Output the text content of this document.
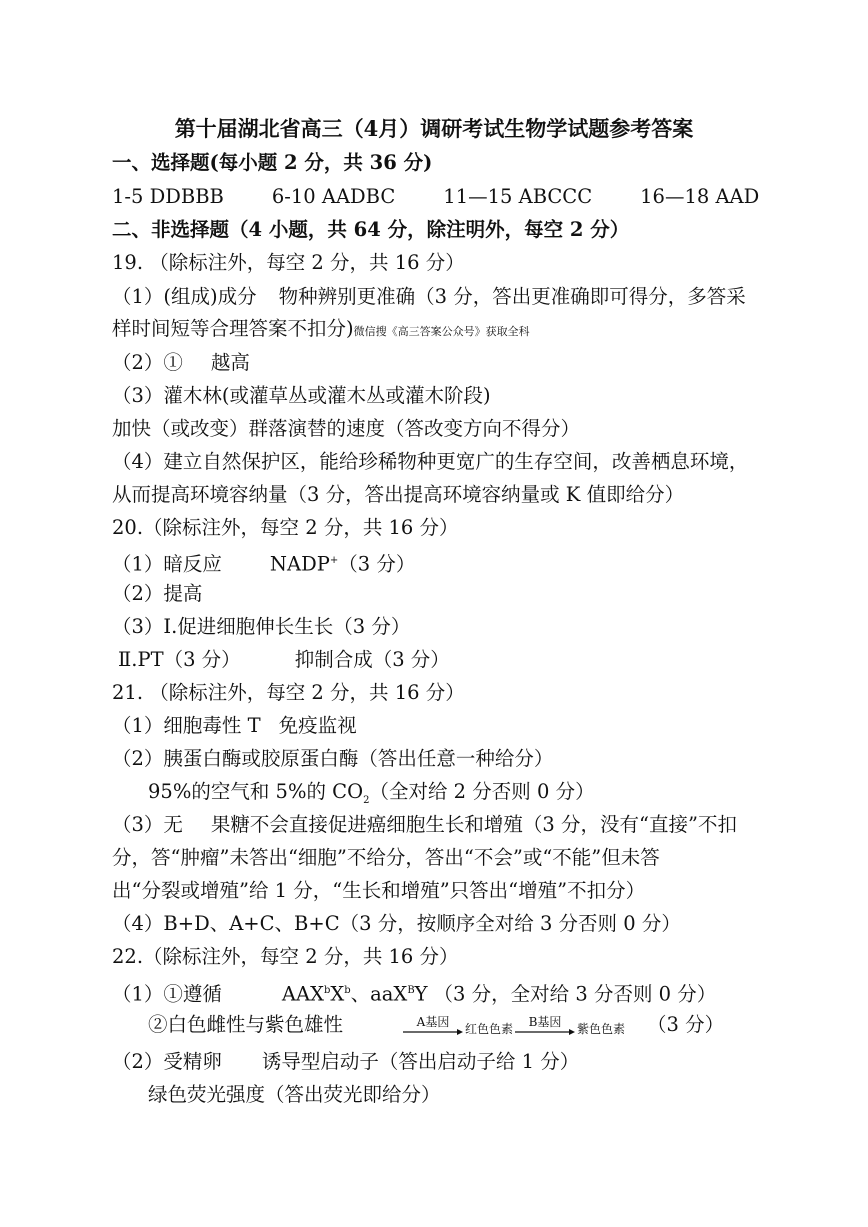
第十届湖北省高三（4月）调研考试生物学试题参考答案
一、选择题(每小题 2 分，共 36 分)
1-5 DDBBB 6-10 AADBC 11—15 ABCCC 16—18 AAD
二、非选择题（4 小题，共 64 分，除注明外，每空 2 分）
19. （除标注外，每空 2 分，共 16 分）
（1）(组成)成分 物种辨别更准确（3 分，答出更准确即可得分，多答采
样时间短等合理答案不扣分)微信搜《高三答案公众号》获取全科
（2）① 越高
（3）灌木林(或灌草丛或灌木丛或灌木阶段)
加快（或改变）群落演替的速度（答改变方向不得分）
（4）建立自然保护区，能给珍稀物种更宽广的生存空间，改善栖息环境，
从而提高环境容纳量（3 分，答出提高环境容纳量或 K 值即给分）
20.（除标注外，每空 2 分，共 16 分）
（1）暗反应 NADP+（3 分）
（2）提高
（3）Ⅰ.促进细胞伸长生长（3 分）
Ⅱ.PT（3 分）	抑制合成（3 分）
21. （除标注外，每空 2 分，共 16 分）
（1）细胞毒性 T 免疫监视
（2）胰蛋白酶或胶原蛋白酶（答出任意一种给分）
95%的空气和 5%的 $CO_2$（全对给 2 分否则 0 分）
（3）无 果糖不会直接促进癌细胞生长和增殖（3 分，没有“直接”不扣
分，答“肿瘤”未答出“细胞”不给分，答出“不会”或“不能”但未答
出“分裂或增殖”给 1 分，“生长和增殖”只答出“增殖”不扣分）
（4）B+D、A+C、B+C（3 分，按顺序全对给 3 分否则 0 分）
22.（除标注外，每空 2 分，共 16 分）
（1）①遵循	$AAX^bX^b$、aaX$^B$Y （3 分，全对给 3 分否则 0 分）
②白色雌性与紫色雄性	A基因 红色色素 B基因 紫色色素 （3 分）
（2）受精卵 诱导型启动子（答出启动子给 1 分）
绿色荧光强度（答出荧光即给分）
